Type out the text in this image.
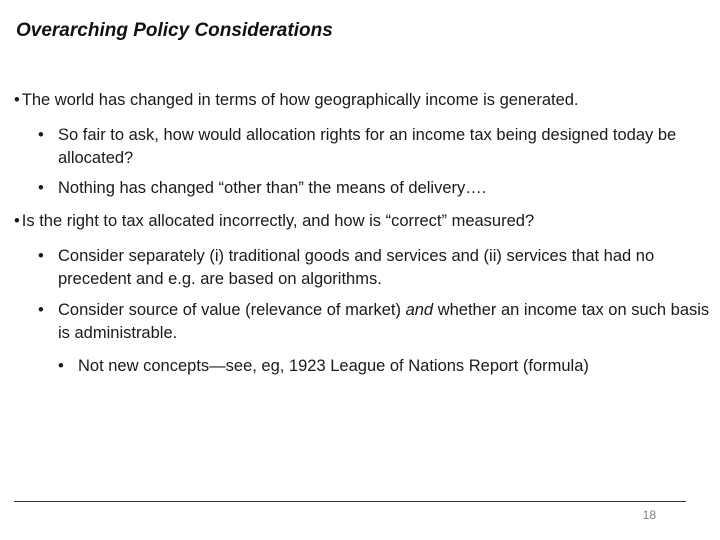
Overarching Policy Considerations
• The world has changed in terms of how geographically income is generated.
• So fair to ask, how would allocation rights for an income tax being designed today be allocated?
• Nothing has changed “other than” the means of delivery….
• Is the right to tax allocated incorrectly, and how is “correct” measured?
• Consider separately (i) traditional goods and services and (ii) services that had no precedent and e.g. are based on algorithms.
• Consider source of value (relevance of market) and whether an income tax on such basis is administrable.
• Not new concepts—see, eg, 1923 League of Nations Report (formula)
18
